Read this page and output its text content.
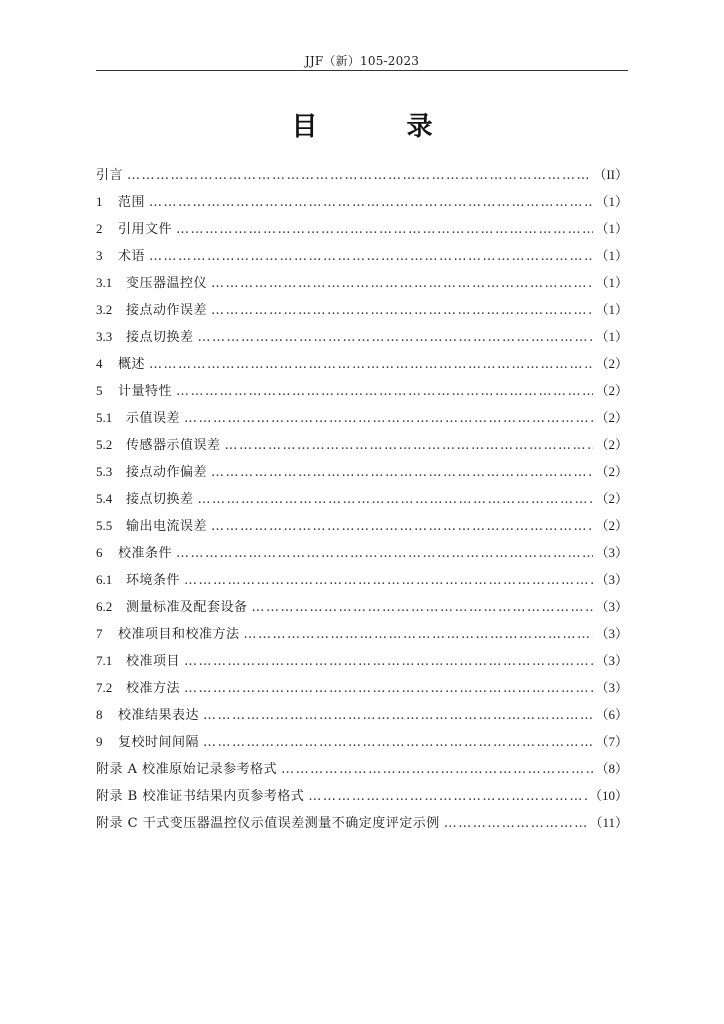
JJF（新）105-2023
目 录
引言 ……………………………………………………………………………………………………………………………………………………………………………………	（II）
1	范围 ……………………………………………………………………………………………………………………………………………………………………………………	（1）
2	引用文件 ……………………………………………………………………………………………………………………………………………………………………………………	（1）
3	术语 ……………………………………………………………………………………………………………………………………………………………………………………	（1）
3.1	变压器温控仪 ……………………………………………………………………………………………………………………………………………………………………………………	（1）
3.2	接点动作误差 ……………………………………………………………………………………………………………………………………………………………………………………	（1）
3.3	接点切换差 ……………………………………………………………………………………………………………………………………………………………………………………	（1）
4	概述 ……………………………………………………………………………………………………………………………………………………………………………………	（2）
5	计量特性 ……………………………………………………………………………………………………………………………………………………………………………………	（2）
5.1	示值误差 ……………………………………………………………………………………………………………………………………………………………………………………	（2）
5.2	传感器示值误差 ……………………………………………………………………………………………………………………………………………………………………………………	（2）
5.3	接点动作偏差 ……………………………………………………………………………………………………………………………………………………………………………………	（2）
5.4	接点切换差 ……………………………………………………………………………………………………………………………………………………………………………………	（2）
5.5	输出电流误差 ……………………………………………………………………………………………………………………………………………………………………………………	（2）
6	校准条件 ……………………………………………………………………………………………………………………………………………………………………………………	（3）
6.1	环境条件 ……………………………………………………………………………………………………………………………………………………………………………………	（3）
6.2	测量标准及配套设备 ……………………………………………………………………………………………………………………………………………………………………………………	（3）
7	校准项目和校准方法 ……………………………………………………………………………………………………………………………………………………………………………………	（3）
7.1	校准项目 ……………………………………………………………………………………………………………………………………………………………………………………	（3）
7.2	校准方法 ……………………………………………………………………………………………………………………………………………………………………………………	（3）
8	校准结果表达 ……………………………………………………………………………………………………………………………………………………………………………………	（6）
9	复校时间间隔 ……………………………………………………………………………………………………………………………………………………………………………………	（7）
附录 A 校准原始记录参考格式 ……………………………………………………………………………………………………………………………………………………………………………………	（8）
附录 B 校准证书结果内页参考格式 ……………………………………………………………………………………………………………………………………………………………………………………	（10）
附录 C 干式变压器温控仪示值误差测量不确定度评定示例 ……………………………………………………………………………………………………………………………………………………………………………………	（11）
